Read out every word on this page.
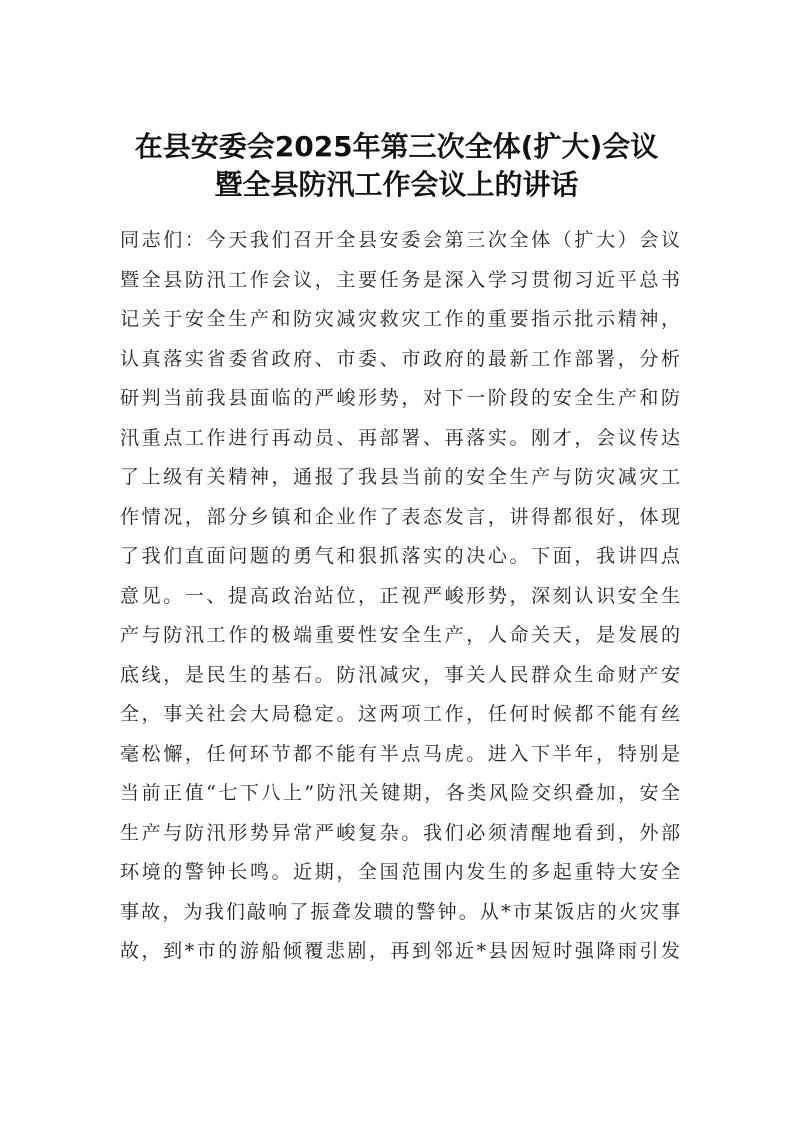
在县安委会2025年第三次全体(扩大)会议
暨全县防汛工作会议上的讲话
同志们：今天我们召开全县安委会第三次全体（扩大）会议
暨全县防汛工作会议，主要任务是深入学习贯彻习近平总书
记关于安全生产和防灾减灾救灾工作的重要指示批示精神，
认真落实省委省政府、市委、市政府的最新工作部署，分析
研判当前我县面临的严峻形势，对下一阶段的安全生产和防
汛重点工作进行再动员、再部署、再落实。刚才，会议传达
了上级有关精神，通报了我县当前的安全生产与防灾减灾工
作情况，部分乡镇和企业作了表态发言，讲得都很好，体现
了我们直面问题的勇气和狠抓落实的决心。下面，我讲四点
意见。一、提高政治站位，正视严峻形势，深刻认识安全生
产与防汛工作的极端重要性安全生产，人命关天，是发展的
底线，是民生的基石。防汛减灾，事关人民群众生命财产安
全，事关社会大局稳定。这两项工作，任何时候都不能有丝
毫松懈，任何环节都不能有半点马虎。进入下半年，特别是
当前正值“七下八上”防汛关键期，各类风险交织叠加，安全
生产与防汛形势异常严峻复杂。我们必须清醒地看到，外部
环境的警钟长鸣。近期，全国范围内发生的多起重特大安全
事故，为我们敲响了振聋发聩的警钟。从*市某饭店的火灾事
故，到*市的游船倾覆悲剧，再到邻近*县因短时强降雨引发
